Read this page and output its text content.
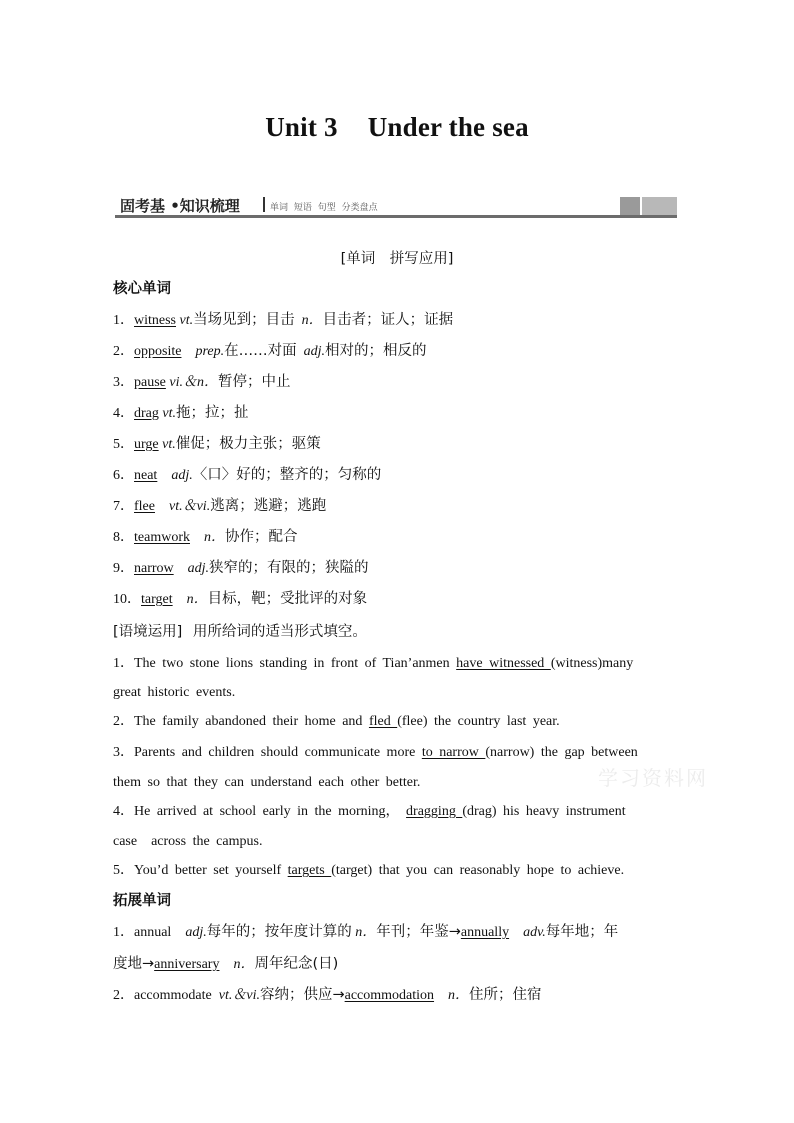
Unit 3 Under the sea
固考基 •知识梳理	单词 短语 句型 分类盘点
[单词　拼写应用]
核心单词
1．witness vt.当场见到；目击 n．目击者；证人；证据
2．opposite prep.在……对面 adj.相对的；相反的
3．pause vi.＆n．暂停；中止
4．drag vt.拖；拉；扯
5．urge vt.催促；极力主张；驱策
6．neat adj.〈口〉好的；整齐的；匀称的
7．flee vt.＆vi.逃离；逃避；逃跑
8．teamwork n．协作；配合
9．narrow adj.狭窄的；有限的；狭隘的
10．target n．目标，靶；受批评的对象
[语境运用] 用所给词的适当形式填空。
1．The two stone lions standing in front of Tian’anmen have witnessed (witness)many
great historic events.
2．The family abandoned their home and fled (flee) the country last year.
3．Parents and children should communicate more to narrow (narrow) the gap between
them so that they can understand each other better.
4．He arrived at school early in the morning， dragging (drag) his heavy instrument
case　across the campus.
5．You’d better set yourself targets (target) that you can reasonably hope to achieve.
拓展单词
1．annual adj.每年的；按年度计算的 n．年刊；年鉴→annually adv.每年地；年
度地→anniversary n．周年纪念(日)
2．accommodate vt.＆vi.容纳；供应→accommodation n．住所；住宿
学习资料网
